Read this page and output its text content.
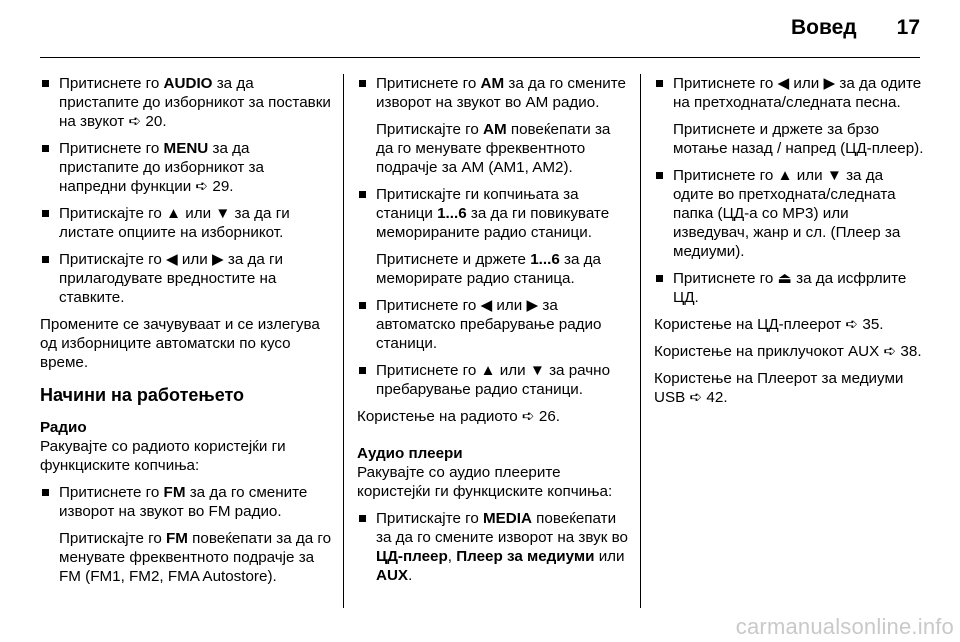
Вовед 17
Притиснете го AUDIO за да пристапите до изборникот за поставки на звукот ➪ 20.
Притиснете го MENU за да пристапите до изборникот за напредни функции ➪ 29.
Притискајте го ▲ или ▼ за да ги листате опциите на изборникот.
Притискајте го ◀ или ▶ за да ги прилагодувате вредностите на ставките.
Промените се зачувуваат и се излегува од изборниците автоматски по кусо време.
Начини на работењето
Радио
Ракувајте со радиото користејќи ги функциските копчиња:
Притиснете го FM за да го смените изворот на звукот во FM радио.
Притискајте го FM повеќепати за да го менувате фреквентното подрачје за FM (FM1, FM2, FMA Autostore).
Притиснете го AM за да го смените изворот на звукот во AM радио.
Притискајте го AM повеќепати за да го менувате фреквентното подрачје за AM (AM1, AM2).
Притискајте ги копчињата за станици 1...6 за да ги повикувате меморираните радио станици.
Притиснете и држете 1...6 за да меморирате радио станица.
Притиснете го ◀ или ▶ за автоматско пребарување радио станици.
Притиснете го ▲ или ▼ за рачно пребарување радио станици.
Користење на радиото ➪ 26.
Аудио плеери
Ракувајте со аудио плеерите користејќи ги функциските копчиња:
Притискајте го MEDIA повеќепати за да го смените изворот на звук во ЦД-плеер, Плеер за медиуми или AUX.
Притиснете го ◀ или ▶ за да одите на претходната/следната песна.
Притиснете и држете за брзо мотање назад / напред (ЦД-плеер).
Притиснете го ▲ или ▼ за да одите во претходната/следната папка (ЦД-а со MP3) или изведувач, жанр и сл. (Плеер за медиуми).
Притиснете го ⏏ за да исфрлите ЦД.
Користење на ЦД-плеерот ➪ 35.
Користење на приклучокот AUX ➪ 38.
Користење на Плеерот за медиуми USB ➪ 42.
carmanualsonline.info
